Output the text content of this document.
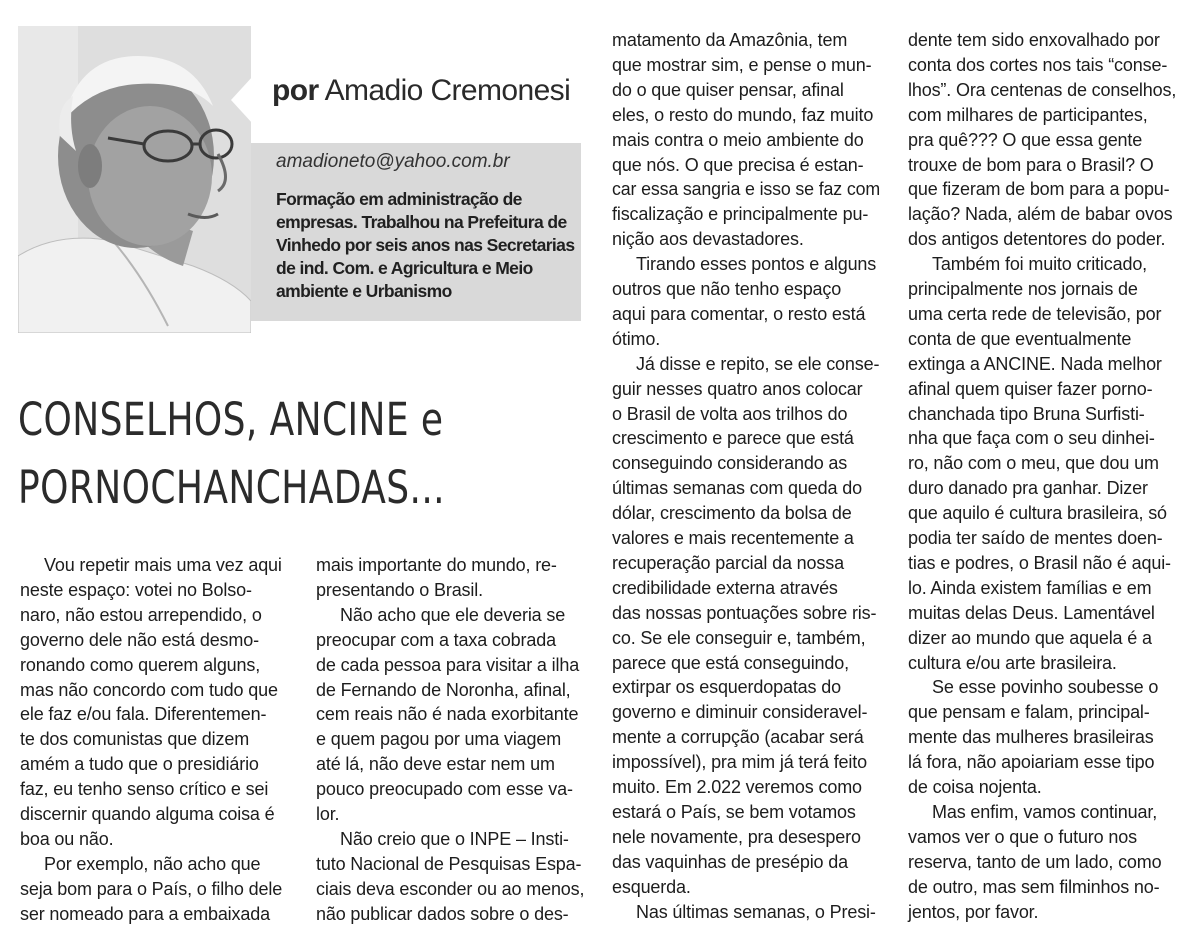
por Amadio Cremonesi
amadioneto@yahoo.com.br
Formação em administração de
empresas. Trabalhou na Prefeitura de
Vinhedo por seis anos nas Secretarias
de ind. Com. e Agricultura e Meio
ambiente e Urbanismo
CONSELHOS, ANCINE e
PORNOCHANCHADAS...
Vou repetir mais uma vez aqui
neste espaço: votei no Bolso-
naro, não estou arrependido, o
governo dele não está desmo-
ronando como querem alguns,
mas não concordo com tudo que
ele faz e/ou fala. Diferentemen-
te dos comunistas que dizem
amém a tudo que o presidiário
faz, eu tenho senso crítico e sei
discernir quando alguma coisa é
boa ou não.
Por exemplo, não acho que
seja bom para o País, o filho dele
ser nomeado para a embaixada
mais importante do mundo, re-
presentando o Brasil.
Não acho que ele deveria se
preocupar com a taxa cobrada
de cada pessoa para visitar a ilha
de Fernando de Noronha, afinal,
cem reais não é nada exorbitante
e quem pagou por uma viagem
até lá, não deve estar nem um
pouco preocupado com esse va-
lor.
Não creio que o INPE – Insti-
tuto Nacional de Pesquisas Espa-
ciais deva esconder ou ao menos,
não publicar dados sobre o des-
matamento da Amazônia, tem
que mostrar sim, e pense o mun-
do o que quiser pensar, afinal
eles, o resto do mundo, faz muito
mais contra o meio ambiente do
que nós. O que precisa é estan-
car essa sangria e isso se faz com
fiscalização e principalmente pu-
nição aos devastadores.
Tirando esses pontos e alguns
outros que não tenho espaço
aqui para comentar, o resto está
ótimo.
Já disse e repito, se ele conse-
guir nesses quatro anos colocar
o Brasil de volta aos trilhos do
crescimento e parece que está
conseguindo considerando as
últimas semanas com queda do
dólar, crescimento da bolsa de
valores e mais recentemente a
recuperação parcial da nossa
credibilidade externa através
das nossas pontuações sobre ris-
co. Se ele conseguir e, também,
parece que está conseguindo,
extirpar os esquerdopatas do
governo e diminuir consideravel-
mente a corrupção (acabar será
impossível), pra mim já terá feito
muito. Em 2.022 veremos como
estará o País, se bem votamos
nele novamente, pra desespero
das vaquinhas de presépio da
esquerda.
Nas últimas semanas, o Presi-
dente tem sido enxovalhado por
conta dos cortes nos tais “conse-
lhos”. Ora centenas de conselhos,
com milhares de participantes,
pra quê??? O que essa gente
trouxe de bom para o Brasil? O
que fizeram de bom para a popu-
lação? Nada, além de babar ovos
dos antigos detentores do poder.
Também foi muito criticado,
principalmente nos jornais de
uma certa rede de televisão, por
conta de que eventualmente
extinga a ANCINE. Nada melhor
afinal quem quiser fazer porno-
chanchada tipo Bruna Surfisti-
nha que faça com o seu dinhei-
ro, não com o meu, que dou um
duro danado pra ganhar. Dizer
que aquilo é cultura brasileira, só
podia ter saído de mentes doen-
tias e podres, o Brasil não é aqui-
lo. Ainda existem famílias e em
muitas delas Deus. Lamentável
dizer ao mundo que aquela é a
cultura e/ou arte brasileira.
Se esse povinho soubesse o
que pensam e falam, principal-
mente das mulheres brasileiras
lá fora, não apoiariam esse tipo
de coisa nojenta.
Mas enfim, vamos continuar,
vamos ver o que o futuro nos
reserva, tanto de um lado, como
de outro, mas sem filminhos no-
jentos, por favor.
